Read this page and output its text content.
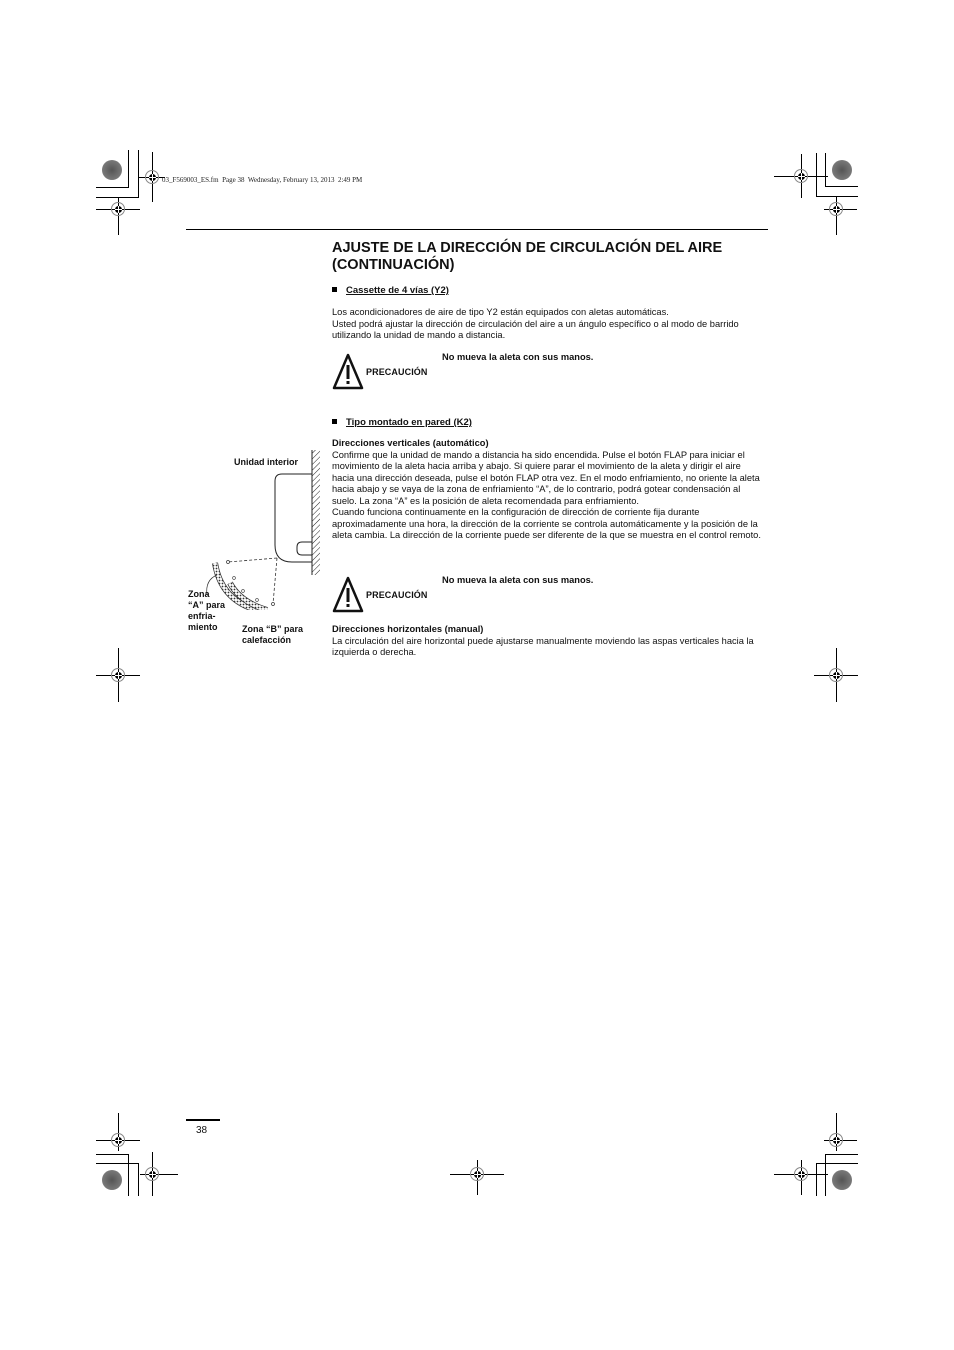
03_F569003_ES.fm  Page 38  Wednesday, February 13, 2013  2:49 PM
AJUSTE DE LA DIRECCIÓN DE CIRCULACIÓN DEL AIRE
(CONTINUACIÓN)
Cassette de 4 vías (Y2)
Los acondicionadores de aire de tipo Y2 están equipados con aletas automáticas.
Usted podrá ajustar la dirección de circulación del aire a un ángulo específico o al modo de barrido utilizando la unidad de mando a distancia.
PRECAUCIÓN
No mueva la aleta con sus manos.
Tipo montado en pared (K2)
Direcciones verticales (automático)
Confirme que la unidad de mando a distancia ha sido encendida. Pulse el botón FLAP para iniciar el movimiento de la aleta hacia arriba y abajo. Si quiere parar el movimiento de la aleta y dirigir el aire hacia una dirección deseada, pulse el botón FLAP otra vez. En el modo enfriamiento, no oriente la aleta hacia abajo y se vaya de la zona de enfriamiento “A”, de lo contrario, podrá gotear condensación al suelo. La zona “A” es la posición de aleta recomendada para enfriamiento.
Cuando funciona continuamente en la configuración de dirección de corriente fija durante aproximadamente una hora, la dirección de la corriente se controla automáticamente y la posición de la aleta cambia. La dirección de la corriente puede ser diferente de la que se muestra en el control remoto.
PRECAUCIÓN
No mueva la aleta con sus manos.
Direcciones horizontales (manual)
La circulación del aire horizontal puede ajustarse manualmente moviendo las aspas verticales hacia la izquierda o derecha.
Unidad interior
Zona
“A” para
enfria-
miento	Zona “B” para
calefacción
38
